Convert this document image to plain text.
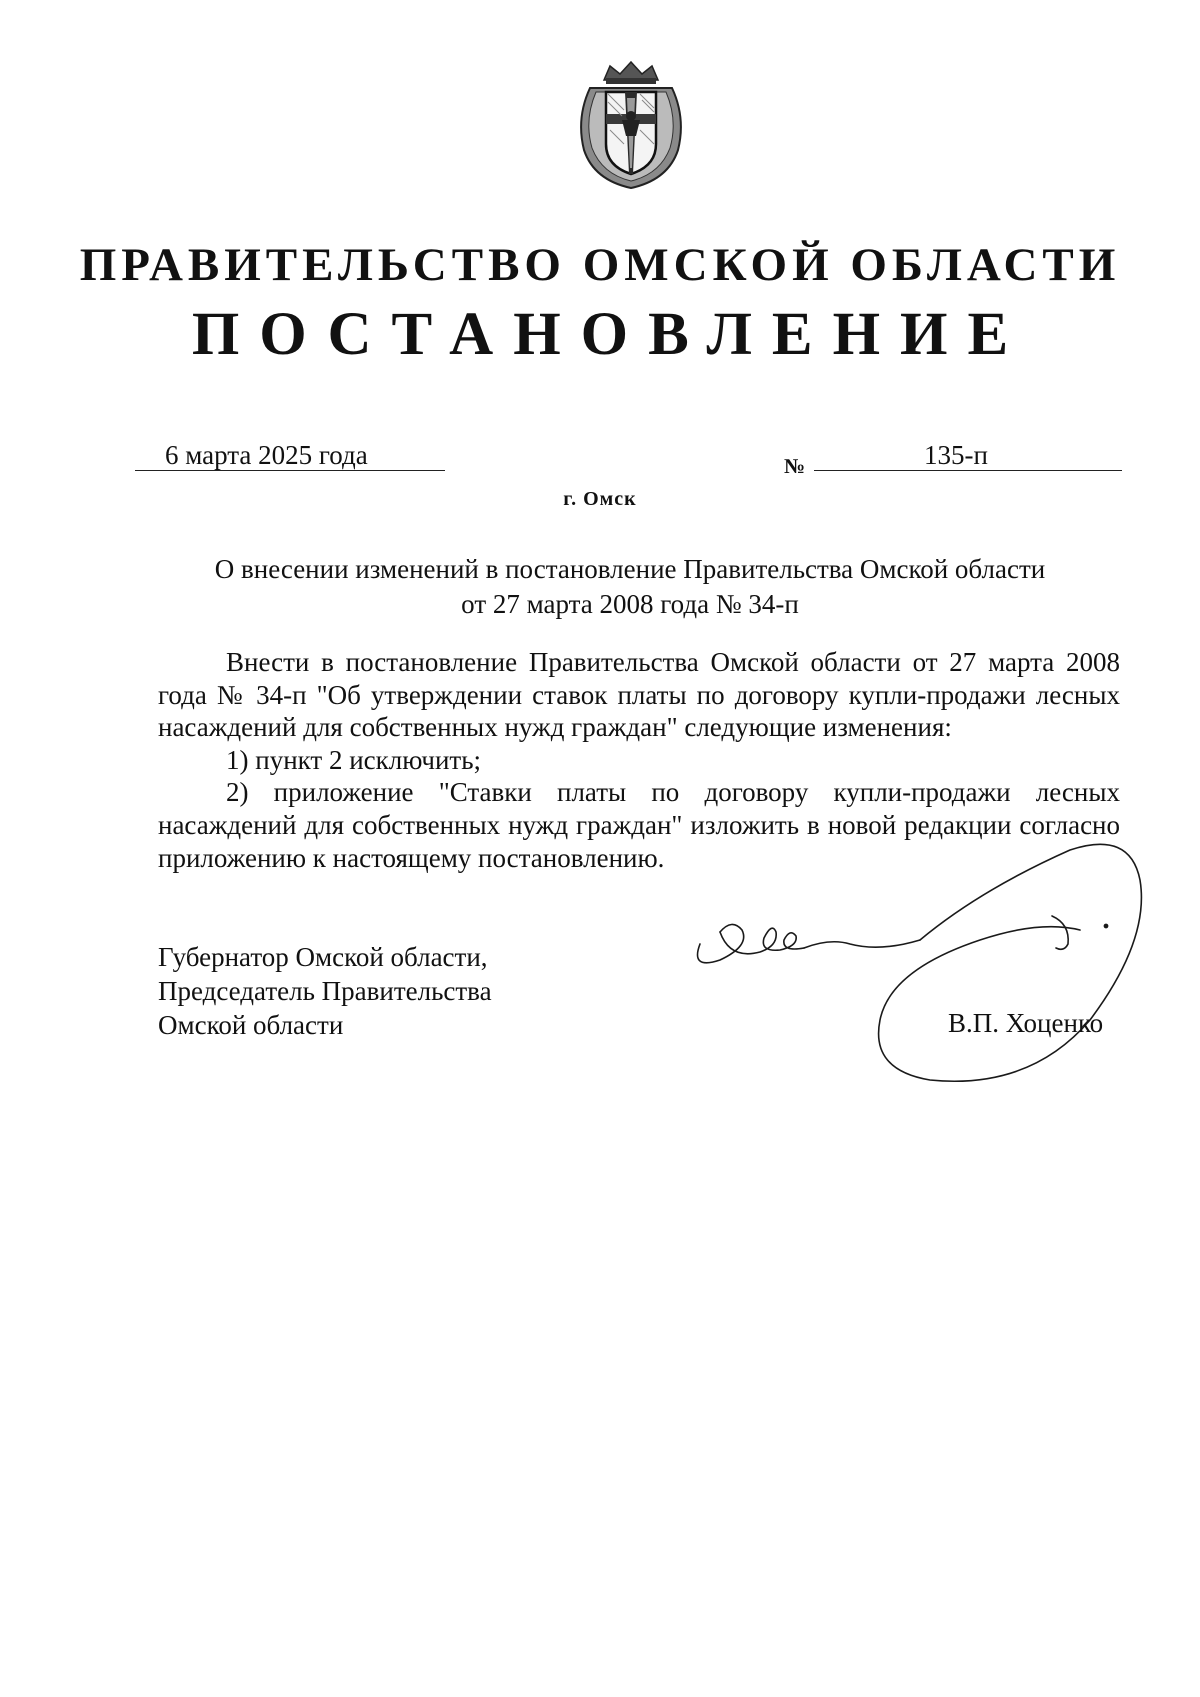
ПРАВИТЕЛЬСТВО ОМСКОЙ ОБЛАСТИ
ПОСТАНОВЛЕНИЕ
6 марта 2025 года	№	135-п
г. Омск
О внесении изменений в постановление Правительства Омской области
от 27 марта 2008 года № 34-п

Внести в постановление Правительства Омской области от 27 марта 2008 года № 34-п "Об утверждении ставок платы по договору купли-продажи лесных насаждений для собственных нужд граждан" следующие изменения:

1) пункт 2 исключить;

2) приложение "Ставки платы по договору купли-продажи лесных насаждений для собственных нужд граждан" изложить в новой редакции согласно приложению к настоящему постановлению.

Губернатор Омской области,
Председатель Правительства
Омской области	В.П. Хоценко
